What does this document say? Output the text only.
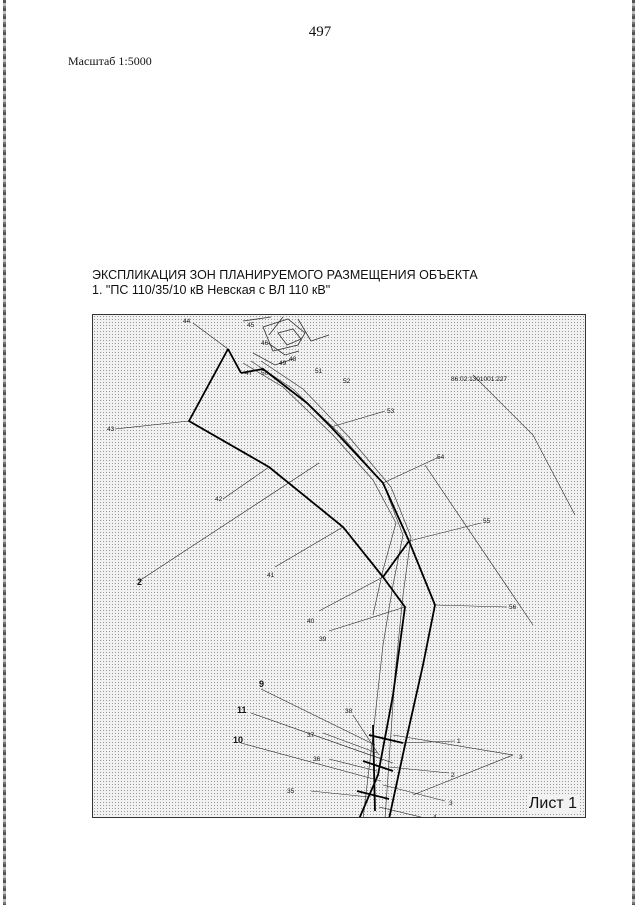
497
Масштаб 1:5000
ЭКСПЛИКАЦИЯ ЗОН ПЛАНИРУЕМОГО РАЗМЕЩЕНИЯ ОБЪЕКТА
1. "ПС 110/35/10 кВ Невская с ВЛ 110 кВ"
44
45
46
47
48
49
50	51
52
53
54
55
56
43
42
41
40
39
38
37
36
35
86:02:1301001:227
2
9
11
10	1
2
3
3
4
Лист 1
